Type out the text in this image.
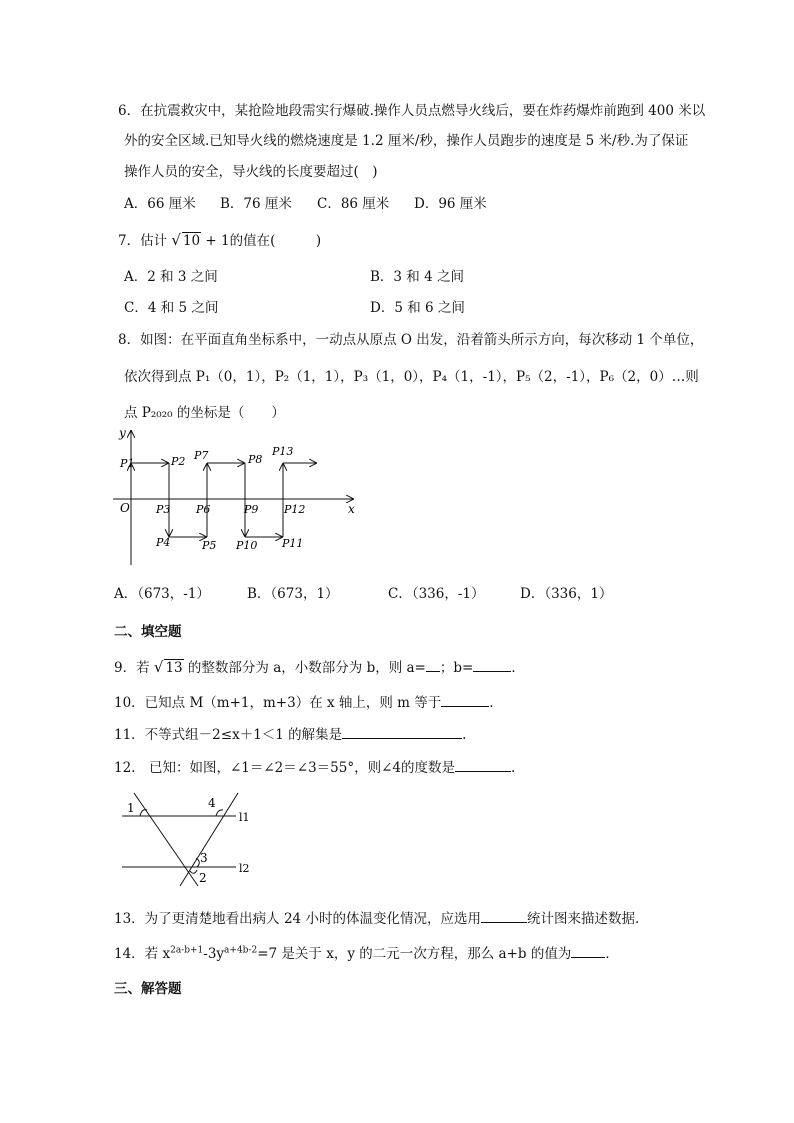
6．在抗震救灾中，某抢险地段需实行爆破.操作人员点燃导火线后，要在炸药爆炸前跑到 400 米以
外的安全区域.已知导火线的燃烧速度是 1.2 厘米/秒，操作人员跑步的速度是 5 米/秒.为了保证
操作人员的安全，导火线的长度要超过(　)
A．66 厘米 B．76 厘米 C．86 厘米 D．96 厘米
7．估计 √ 10 + 1的值在(　　　)
A．2 和 3 之间	B．3 和 4 之间
C．4 和 5 之间	D．5 和 6 之间
8．如图：在平面直角坐标系中，一动点从原点 O 出发，沿着箭头所示方向，每次移动 1 个单位，
依次得到点 P₁（0，1），P₂（1，1），P₃（1，0），P₄（1，-1），P₅（2，-1），P₆（2，0）…则
点 P₂₀₂₀ 的坐标是（　　）
y
x
O
P1	P2
P3
P4	P5
P6
P7	P8
P9
P10 P11
P12
P13
A．（673，-1）	B．（673，1）	C．（336，-1）	D．（336，1）
二、填空题
9．若 √ 13 的整数部分为 a，小数部分为 b，则 a= ；b=	．
10．已知点 M（m+1，m+3）在 x 轴上，则 m 等于	.
11．不等式组－2≤x＋1＜1 的解集是	.
12.　已知：如图，∠1＝∠2＝∠3＝55°，则∠4的度数是	.
1	4
l1
3
l2
2
13．为了更清楚地看出病人 24 小时的体温变化情况，应选用	统计图来描述数据．
14．若 $x^{2a-b+1}-3y^{a+4b-2}=7$ 是关于 x，y 的二元一次方程，那么 a+b 的值为	．
三、解答题
